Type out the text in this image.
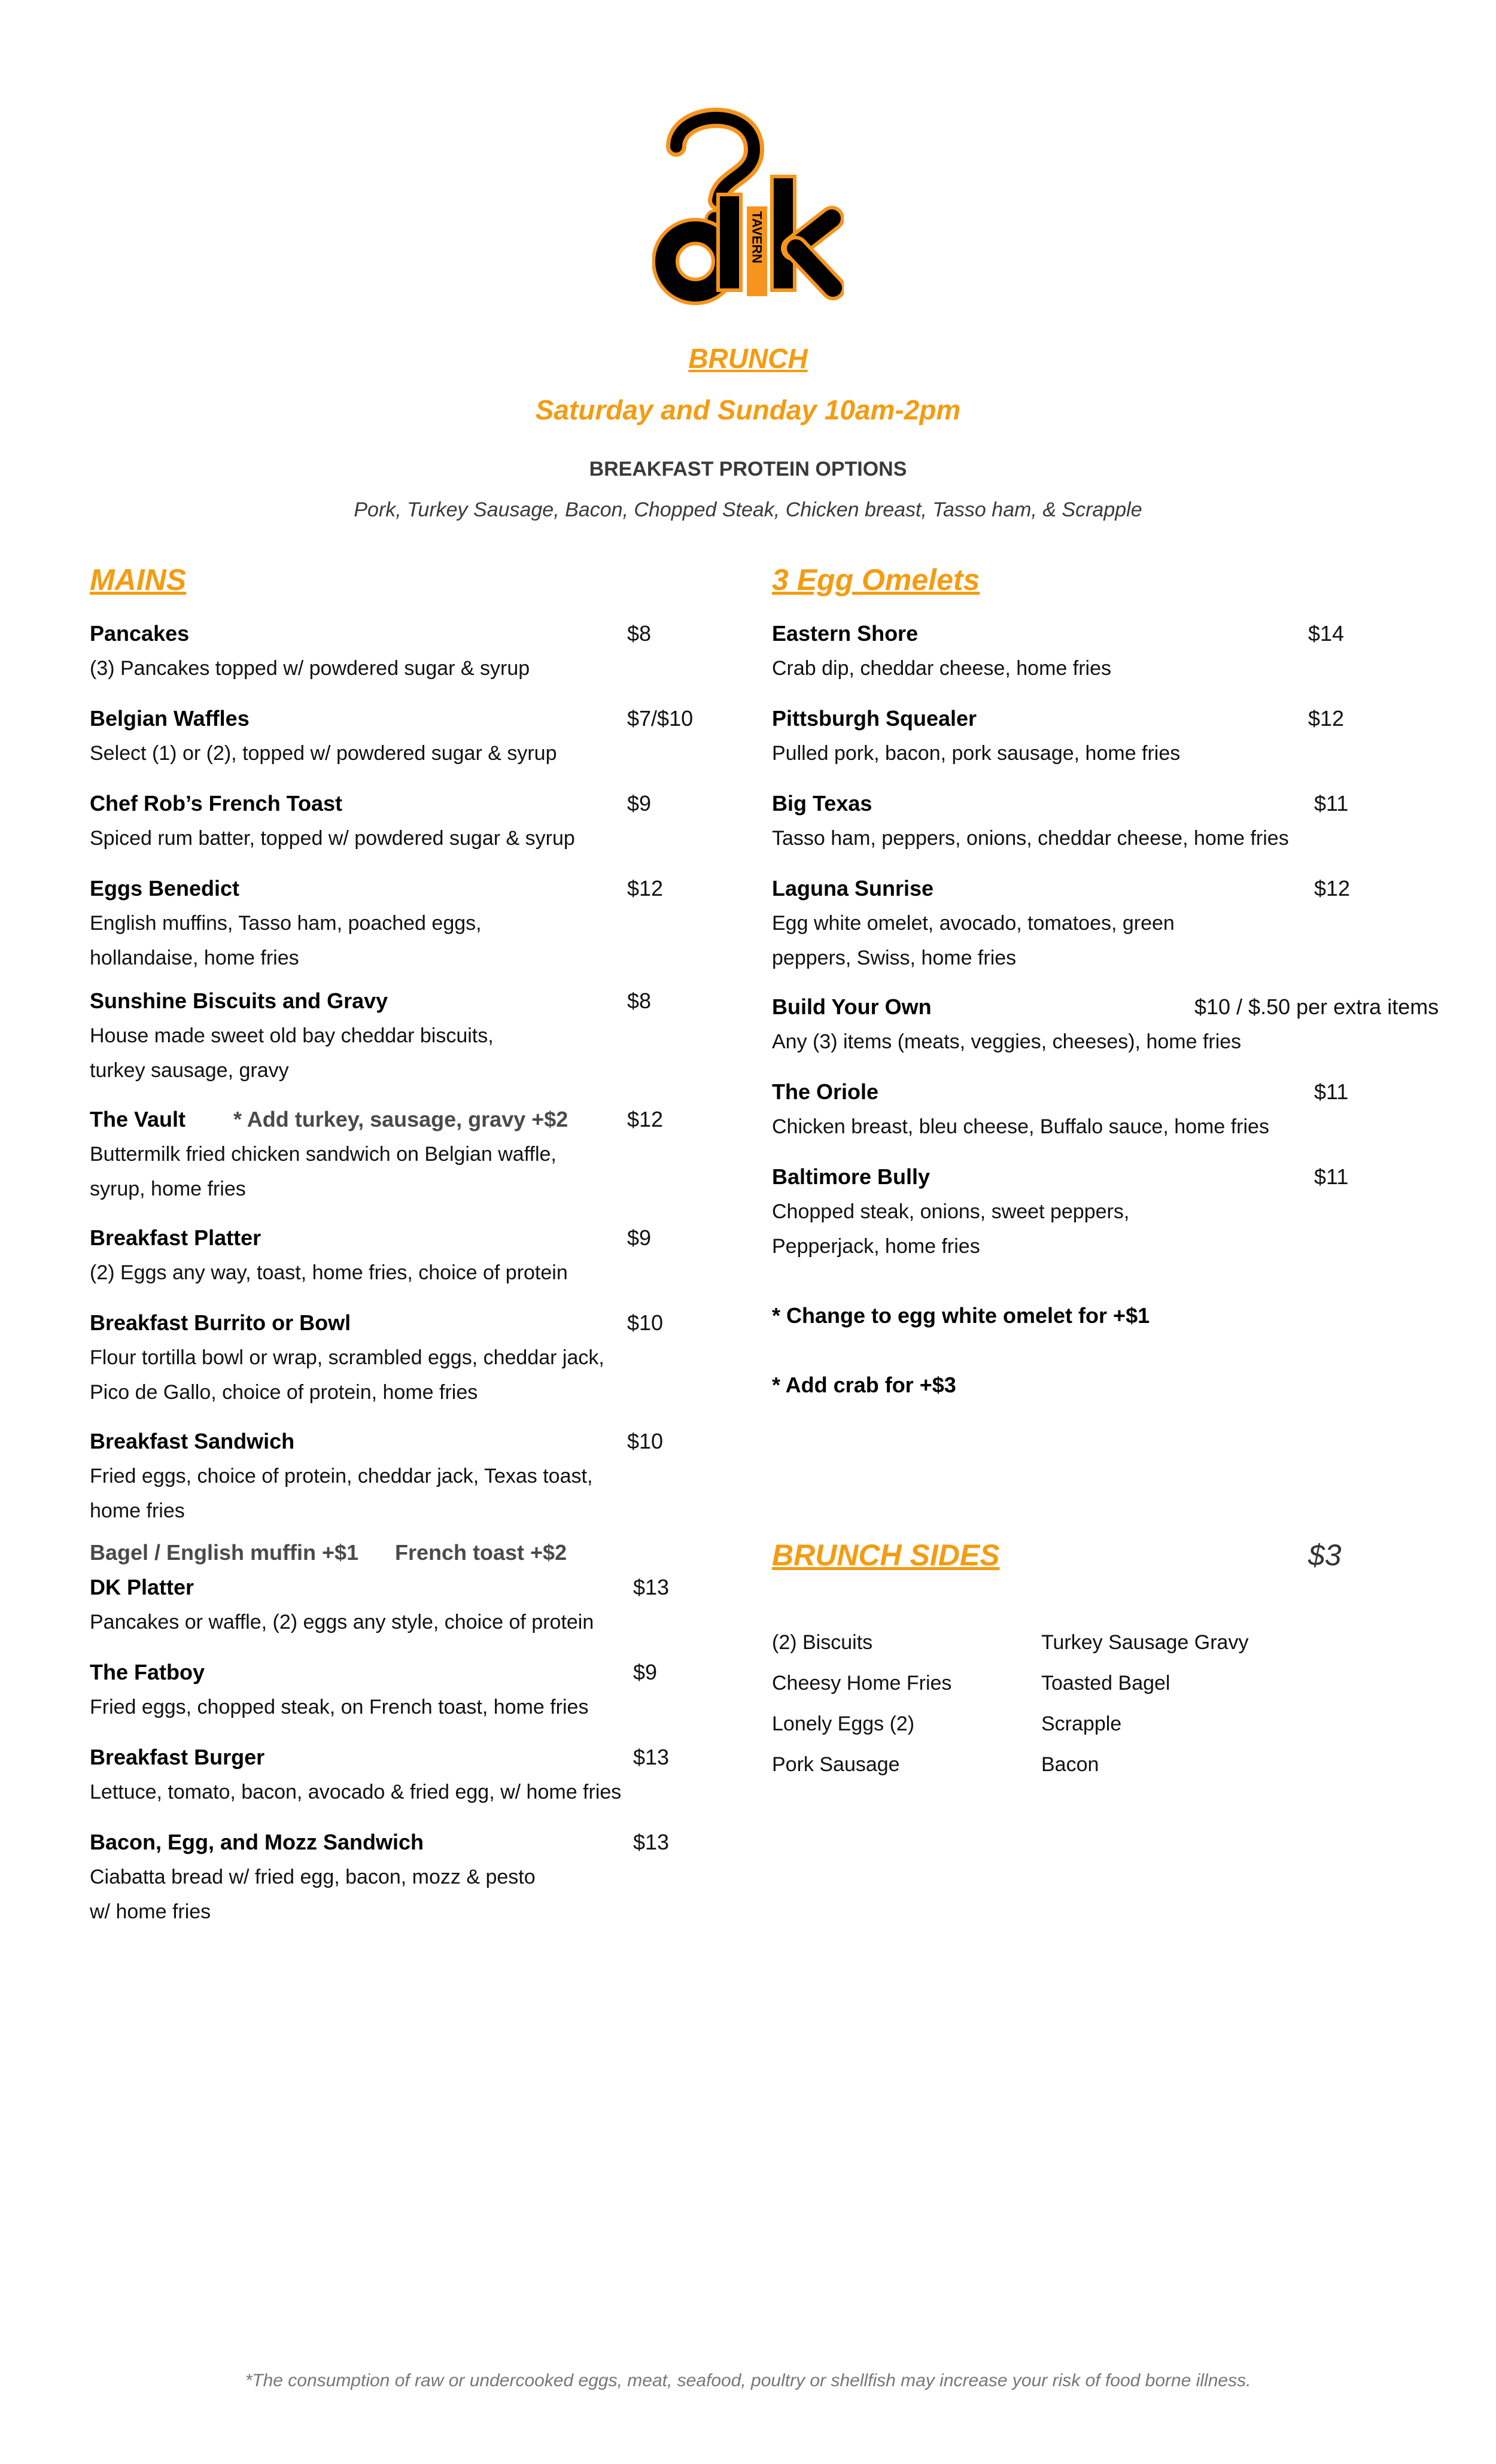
TAVERN
BRUNCH
Saturday and Sunday 10am-2pm
BREAKFAST PROTEIN OPTIONS
Pork, Turkey Sausage, Bacon, Chopped Steak, Chicken breast, Tasso ham, & Scrapple
MAINS
Pancakes
(3) Pancakes topped w/ powdered sugar & syrup
$8
Belgian Waffles
Select (1) or (2), topped w/ powdered sugar & syrup
$7/$10
Chef Rob’s French Toast
Spiced rum batter, topped w/ powdered sugar & syrup
$9
Eggs Benedict
English muffins, Tasso ham, poached eggs, hollandaise, home fries
$12
Sunshine Biscuits and Gravy
House made sweet old bay cheddar biscuits, turkey sausage, gravy
$8
The Vault * Add turkey, sausage, gravy +$2
Buttermilk fried chicken sandwich on Belgian waffle, syrup, home fries
$12
Breakfast Platter
(2) Eggs any way, toast, home fries, choice of protein
$9
Breakfast Burrito or Bowl
Flour tortilla bowl or wrap, scrambled eggs, cheddar jack, Pico de Gallo, choice of protein, home fries
$10
Breakfast Sandwich
Fried eggs, choice of protein, cheddar jack, Texas toast, home fries
$10
Bagel / English muffin +$1 French toast +$2
DK Platter
Pancakes or waffle, (2) eggs any style, choice of protein
$13
The Fatboy
Fried eggs, chopped steak, on French toast, home fries
$9
Breakfast Burger
Lettuce, tomato, bacon, avocado & fried egg, w/ home fries
$13
Bacon, Egg, and Mozz Sandwich
Ciabatta bread w/ fried egg, bacon, mozz & pesto w/ home fries
$13
3 Egg Omelets
Eastern Shore
Crab dip, cheddar cheese, home fries
$14
Pittsburgh Squealer
Pulled pork, bacon, pork sausage, home fries
$12
Big Texas
Tasso ham, peppers, onions, cheddar cheese, home fries
$11
Laguna Sunrise
Egg white omelet, avocado, tomatoes, green peppers, Swiss, home fries
$12
Build Your Own
Any (3) items (meats, veggies, cheeses), home fries
$10 / $.50 per extra items
The Oriole
Chicken breast, bleu cheese, Buffalo sauce, home fries
$11
Baltimore Bully
Chopped steak, onions, sweet peppers, Pepperjack, home fries
$11
* Change to egg white omelet for +$1
* Add crab for +$3
BRUNCH SIDES	$3
(2) Biscuits
Cheesy Home Fries
Lonely Eggs (2)
Pork Sausage
Turkey Sausage Gravy
Toasted Bagel
Scrapple
Bacon
*The consumption of raw or undercooked eggs, meat, seafood, poultry or shellfish may increase your risk of food borne illness.
